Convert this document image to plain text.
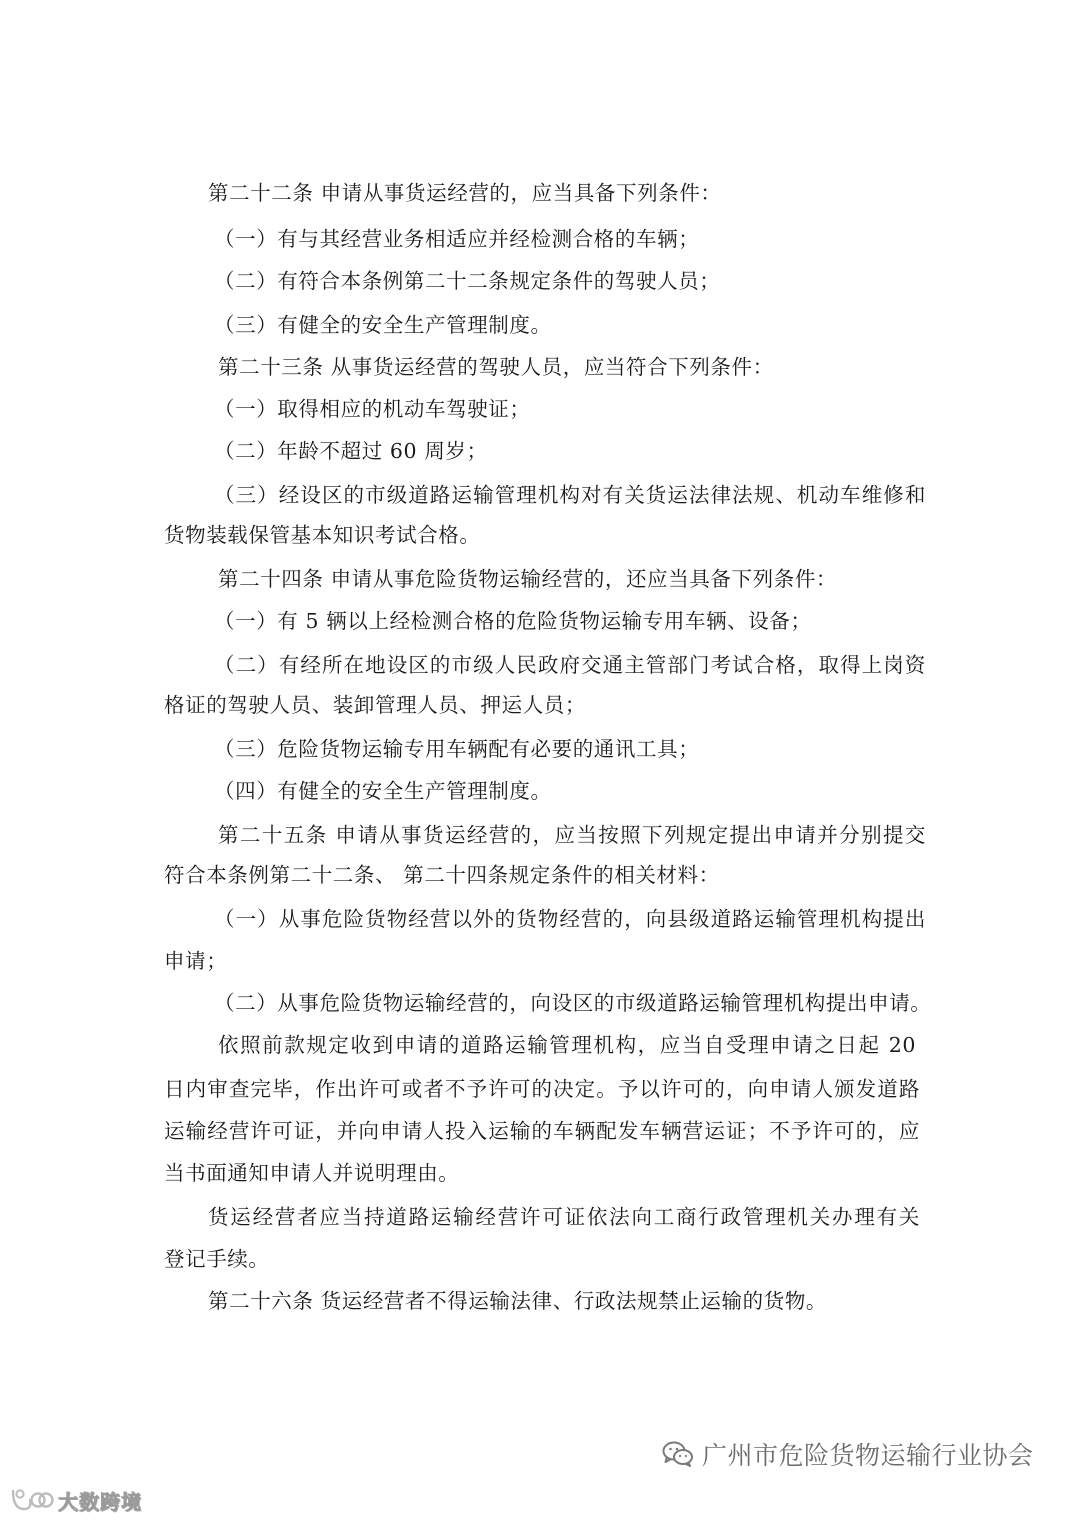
第二十二条 申请从事货运经营的，应当具备下列条件：
（一）有与其经营业务相适应并经检测合格的车辆；
（二）有符合本条例第二十二条规定条件的驾驶人员；
（三）有健全的安全生产管理制度。
第二十三条 从事货运经营的驾驶人员，应当符合下列条件：
（一）取得相应的机动车驾驶证；
（二）年龄不超过 60 周岁；
（三）经设区的市级道路运输管理机构对有关货运法律法规、机动车维修和
货物装载保管基本知识考试合格。
第二十四条 申请从事危险货物运输经营的，还应当具备下列条件：
（一）有 5 辆以上经检测合格的危险货物运输专用车辆、设备；
（二）有经所在地设区的市级人民政府交通主管部门考试合格，取得上岗资
格证的驾驶人员、装卸管理人员、押运人员；
（三）危险货物运输专用车辆配有必要的通讯工具；
（四）有健全的安全生产管理制度。
第二十五条 申请从事货运经营的，应当按照下列规定提出申请并分别提交
符合本条例第二十二条、 第二十四条规定条件的相关材料：
（一）从事危险货物经营以外的货物经营的，向县级道路运输管理机构提出
申请；
（二）从事危险货物运输经营的，向设区的市级道路运输管理机构提出申请。
依照前款规定收到申请的道路运输管理机构，应当自受理申请之日起 20
日内审查完毕，作出许可或者不予许可的决定。予以许可的，向申请人颁发道路
运输经营许可证，并向申请人投入运输的车辆配发车辆营运证；不予许可的，应
当书面通知申请人并说明理由。
货运经营者应当持道路运输经营许可证依法向工商行政管理机关办理有关
登记手续。
第二十六条 货运经营者不得运输法律、行政法规禁止运输的货物。
广州市危险货物运输行业协会
大数跨境
